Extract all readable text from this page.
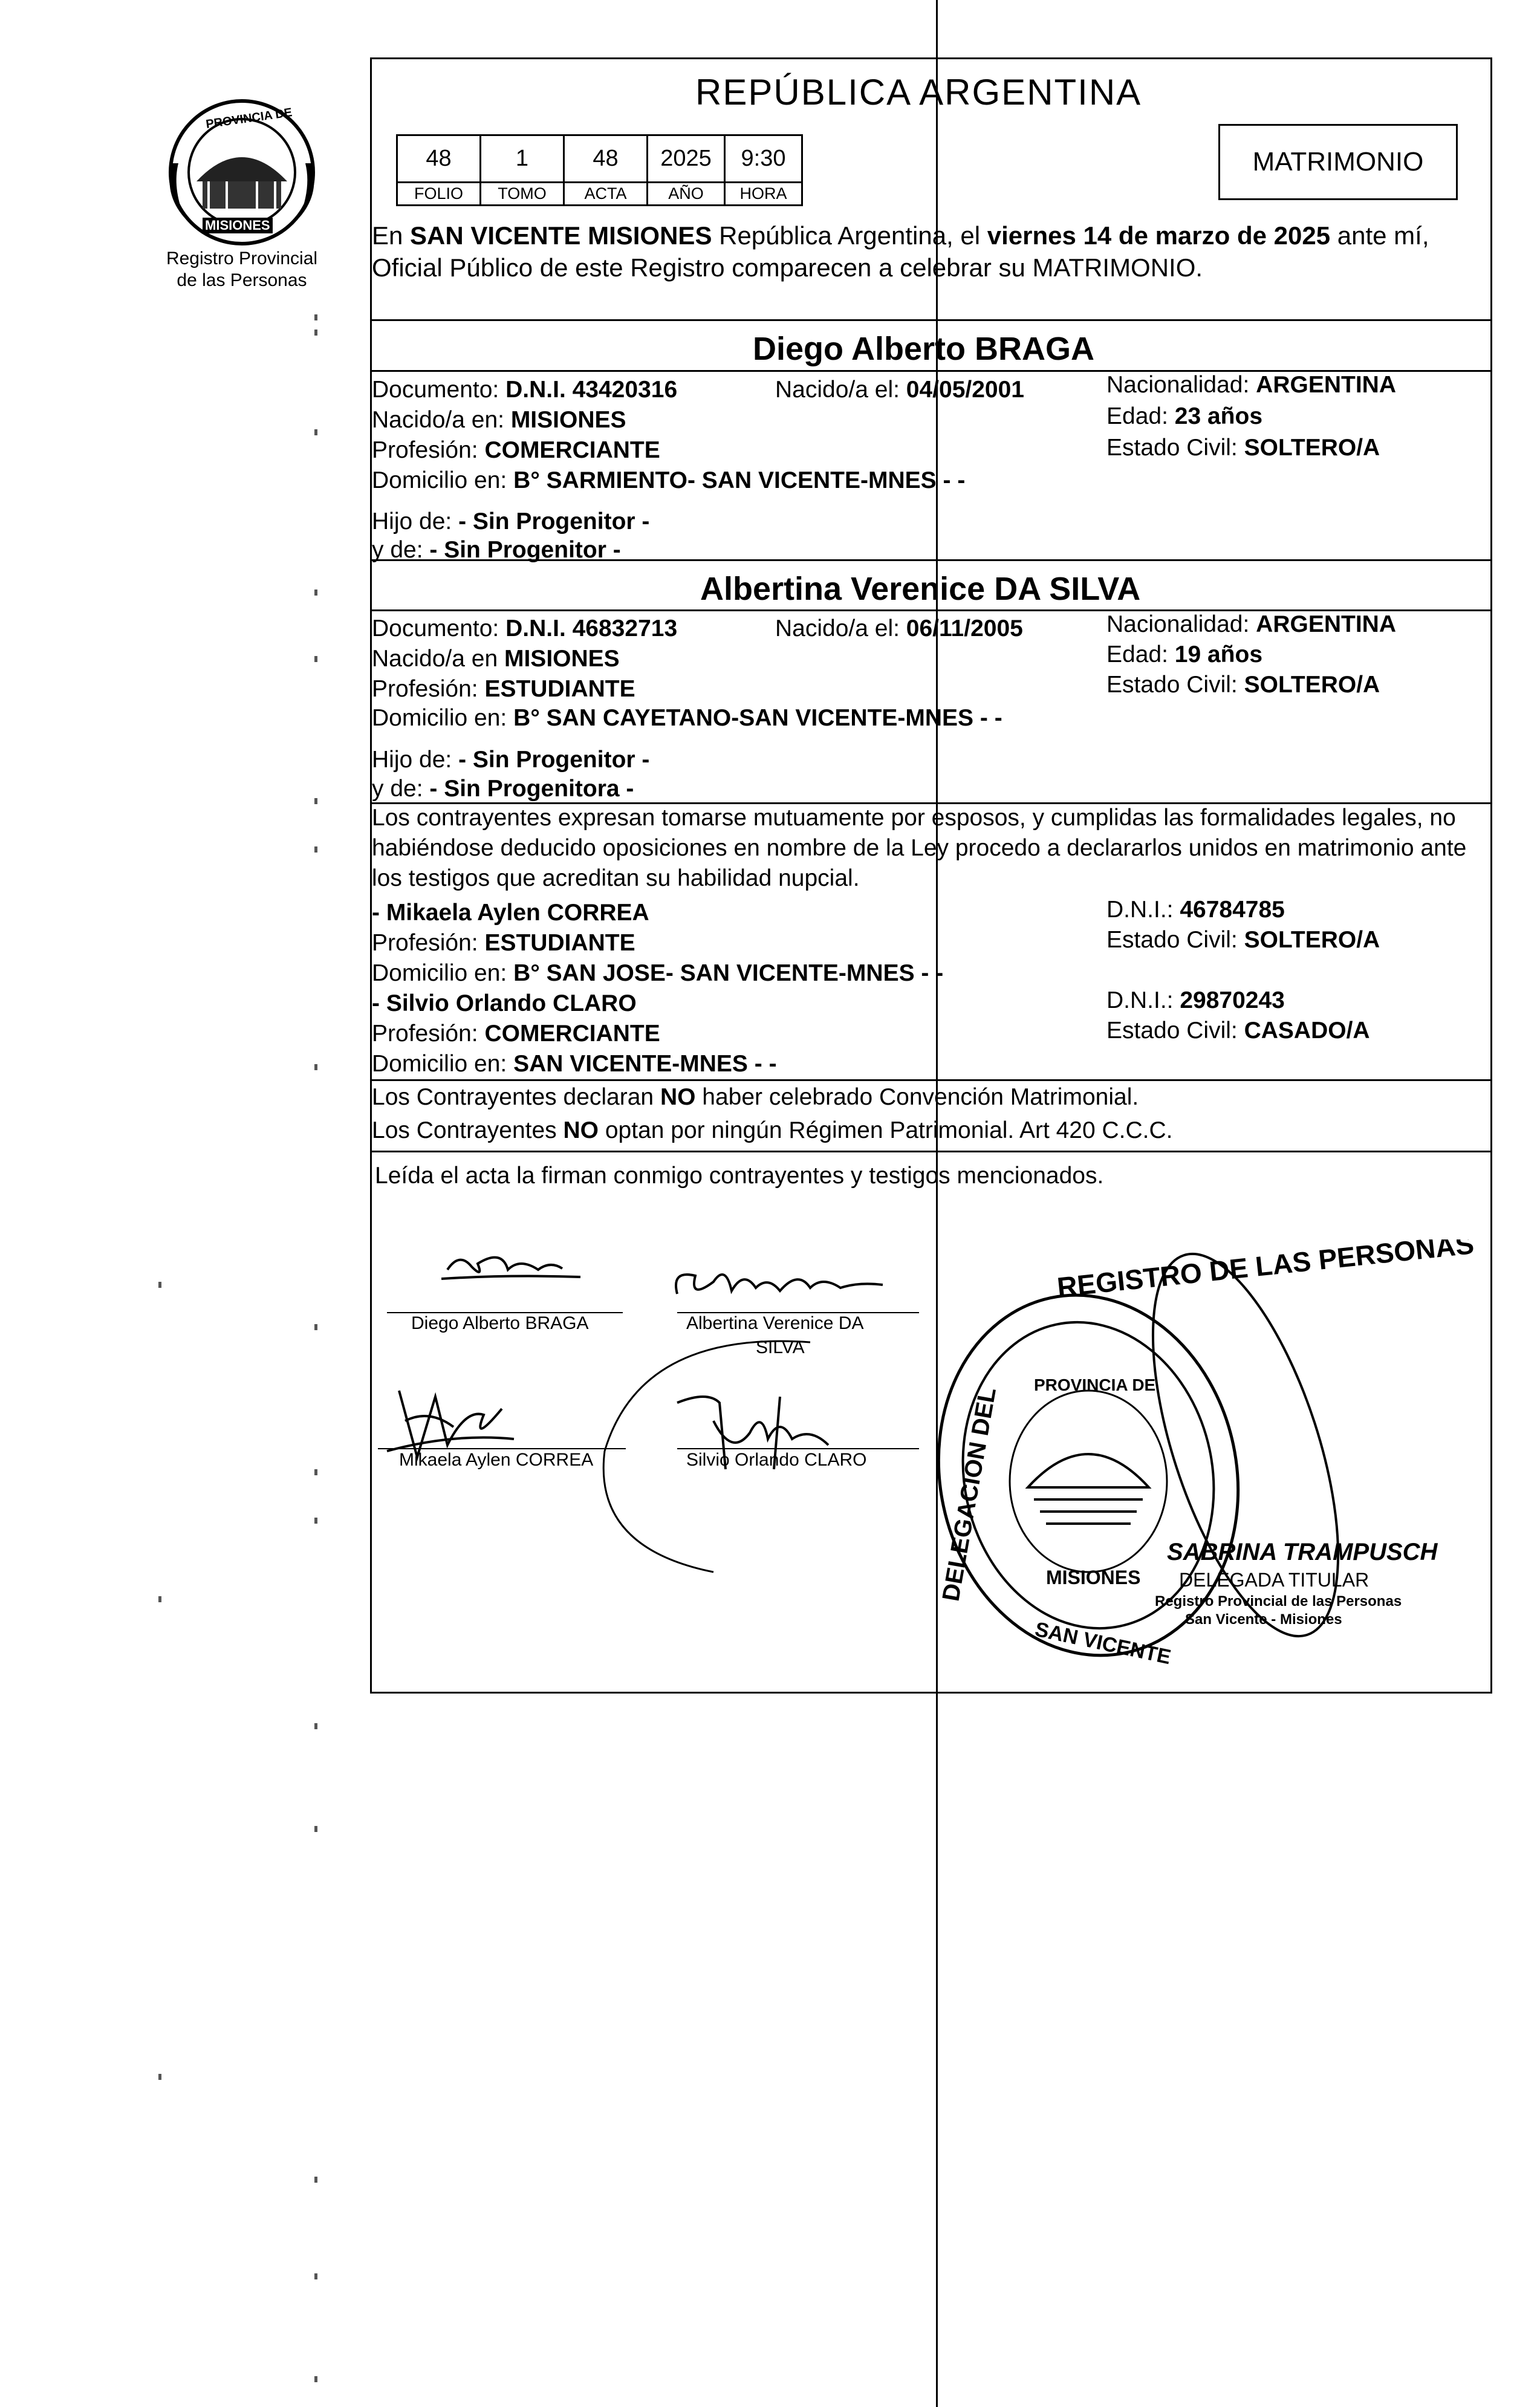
PROVINCIA DE
MISIONES
Registro Provincial
de las Personas
REPÚBLICA ARGENTINA
48	1	48	2025	9:30
FOLIO	TOMO	ACTA	AÑO	HORA
MATRIMONIO
En SAN VICENTE MISIONES República Argentina, el viernes 14 de marzo de 2025 ante mí,
Oficial Público de este Registro comparecen a celebrar su MATRIMONIO.
Diego Alberto BRAGA
Documento: D.N.I. 43420316	Nacido/a el: 04/05/2001	Nacionalidad: ARGENTINA
Nacido/a en: MISIONES	Edad: 23 años
Profesión: COMERCIANTE	Estado Civil: SOLTERO/A
Domicilio en: B° SARMIENTO- SAN VICENTE-MNES - -
Hijo de: - Sin Progenitor -
y de: - Sin Progenitor -
Albertina Verenice DA SILVA
Documento: D.N.I. 46832713	Nacido/a el: 06/11/2005	Nacionalidad: ARGENTINA
Nacido/a en MISIONES	Edad: 19 años
Profesión: ESTUDIANTE	Estado Civil: SOLTERO/A
Domicilio en: B° SAN CAYETANO-SAN VICENTE-MNES - -
Hijo de: - Sin Progenitor -
y de: - Sin Progenitora -
Los contrayentes expresan tomarse mutuamente por esposos, y cumplidas las formalidades legales, no
habiéndose deducido oposiciones en nombre de la Ley procedo a declararlos unidos en matrimonio ante
los testigos que acreditan su habilidad nupcial.
- Mikaela Aylen CORREA	D.N.I.: 46784785
Profesión: ESTUDIANTE	Estado Civil: SOLTERO/A
Domicilio en: B° SAN JOSE- SAN VICENTE-MNES - -
- Silvio Orlando CLARO	D.N.I.: 29870243
Profesión: COMERCIANTE	Estado Civil: CASADO/A
Domicilio en: SAN VICENTE-MNES - -
Los Contrayentes declaran NO haber celebrado Convención Matrimonial.
Los Contrayentes NO optan por ningún Régimen Patrimonial. Art 420 C.C.C.
Leída el acta la firman conmigo contrayentes y testigos mencionados.
Diego Alberto BRAGA	Albertina Verenice DA
SILVA
Mikaela Aylen CORREA	Silvio Orlando CLARO
REGISTRO DE LAS PERSONAS
DELEGACION DEL
SAN VICENTE
PROVINCIA DE
MISIONES
SABRINA TRAMPUSCH
DELEGADA TITULAR
Registro Provincial de las Personas
San Vicente - Misiones
